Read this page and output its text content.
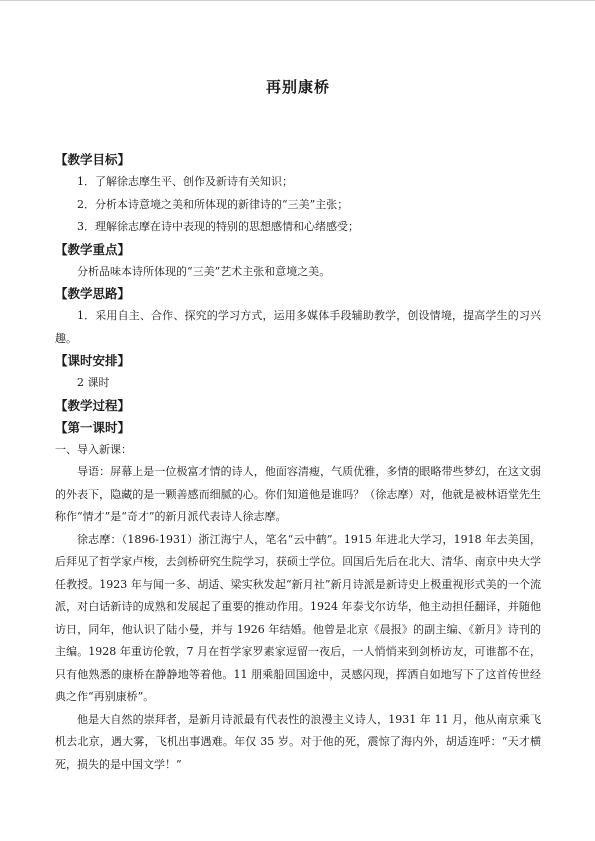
再别康桥
【教学目标】
1．了解徐志摩生平、创作及新诗有关知识；
2．分析本诗意境之美和所体现的新律诗的“三美”主张；
3．理解徐志摩在诗中表现的特别的思想感情和心绪感受；
【教学重点】
分析品味本诗所体现的“三美”艺术主张和意境之美。
【教学思路】
1．采用自主、合作、探究的学习方式，运用多媒体手段辅助教学，创设情境，提高学生的习兴趣。
【课时安排】
2 课时
【教学过程】
【第一课时】
一、导入新课：
导语：屏幕上是一位极富才情的诗人，他面容清瘦，气质优雅，多情的眼略带些梦幻，在这文弱的外表下，隐藏的是一颗善感而细腻的心。你们知道他是谁吗？（徐志摩）对，他就是被林语堂先生称作“情才”是“奇才”的新月派代表诗人徐志摩。
徐志摩：（1896-1931）浙江海宁人，笔名“云中鹤”。1915 年进北大学习，1918 年去美国，后拜见了哲学家卢梭，去剑桥研究生院学习，获硕士学位。回国后先后在北大、清华、南京中央大学任教授。1923 年与闻一多、胡适、梁实秋发起“新月社”新月诗派是新诗史上极重视形式美的一个流派，对白话新诗的成熟和发展起了重要的推动作用。1924 年泰戈尔访华，他主动担任翻译，并随他访日，同年，他认识了陆小曼，并与 1926 年结婚。他曾是北京《晨报》的副主编、《新月》诗刊的主编。1928 年重访伦敦，7 月在哲学家罗素家逗留一夜后，一人悄悄来到剑桥访友，可谁都不在，只有他熟悉的康桥在静静地等着他。11 朋乘船回国途中，灵感闪现，挥洒自如地写下了这首传世经典之作“再别康桥”。
他是大自然的崇拜者，是新月诗派最有代表性的浪漫主义诗人，1931 年 11 月，他从南京乘飞机去北京，遇大雾，飞机出事遇难。年仅 35 岁。对于他的死，震惊了海内外，胡适连呼：“天才横死，损失的是中国文学！”
